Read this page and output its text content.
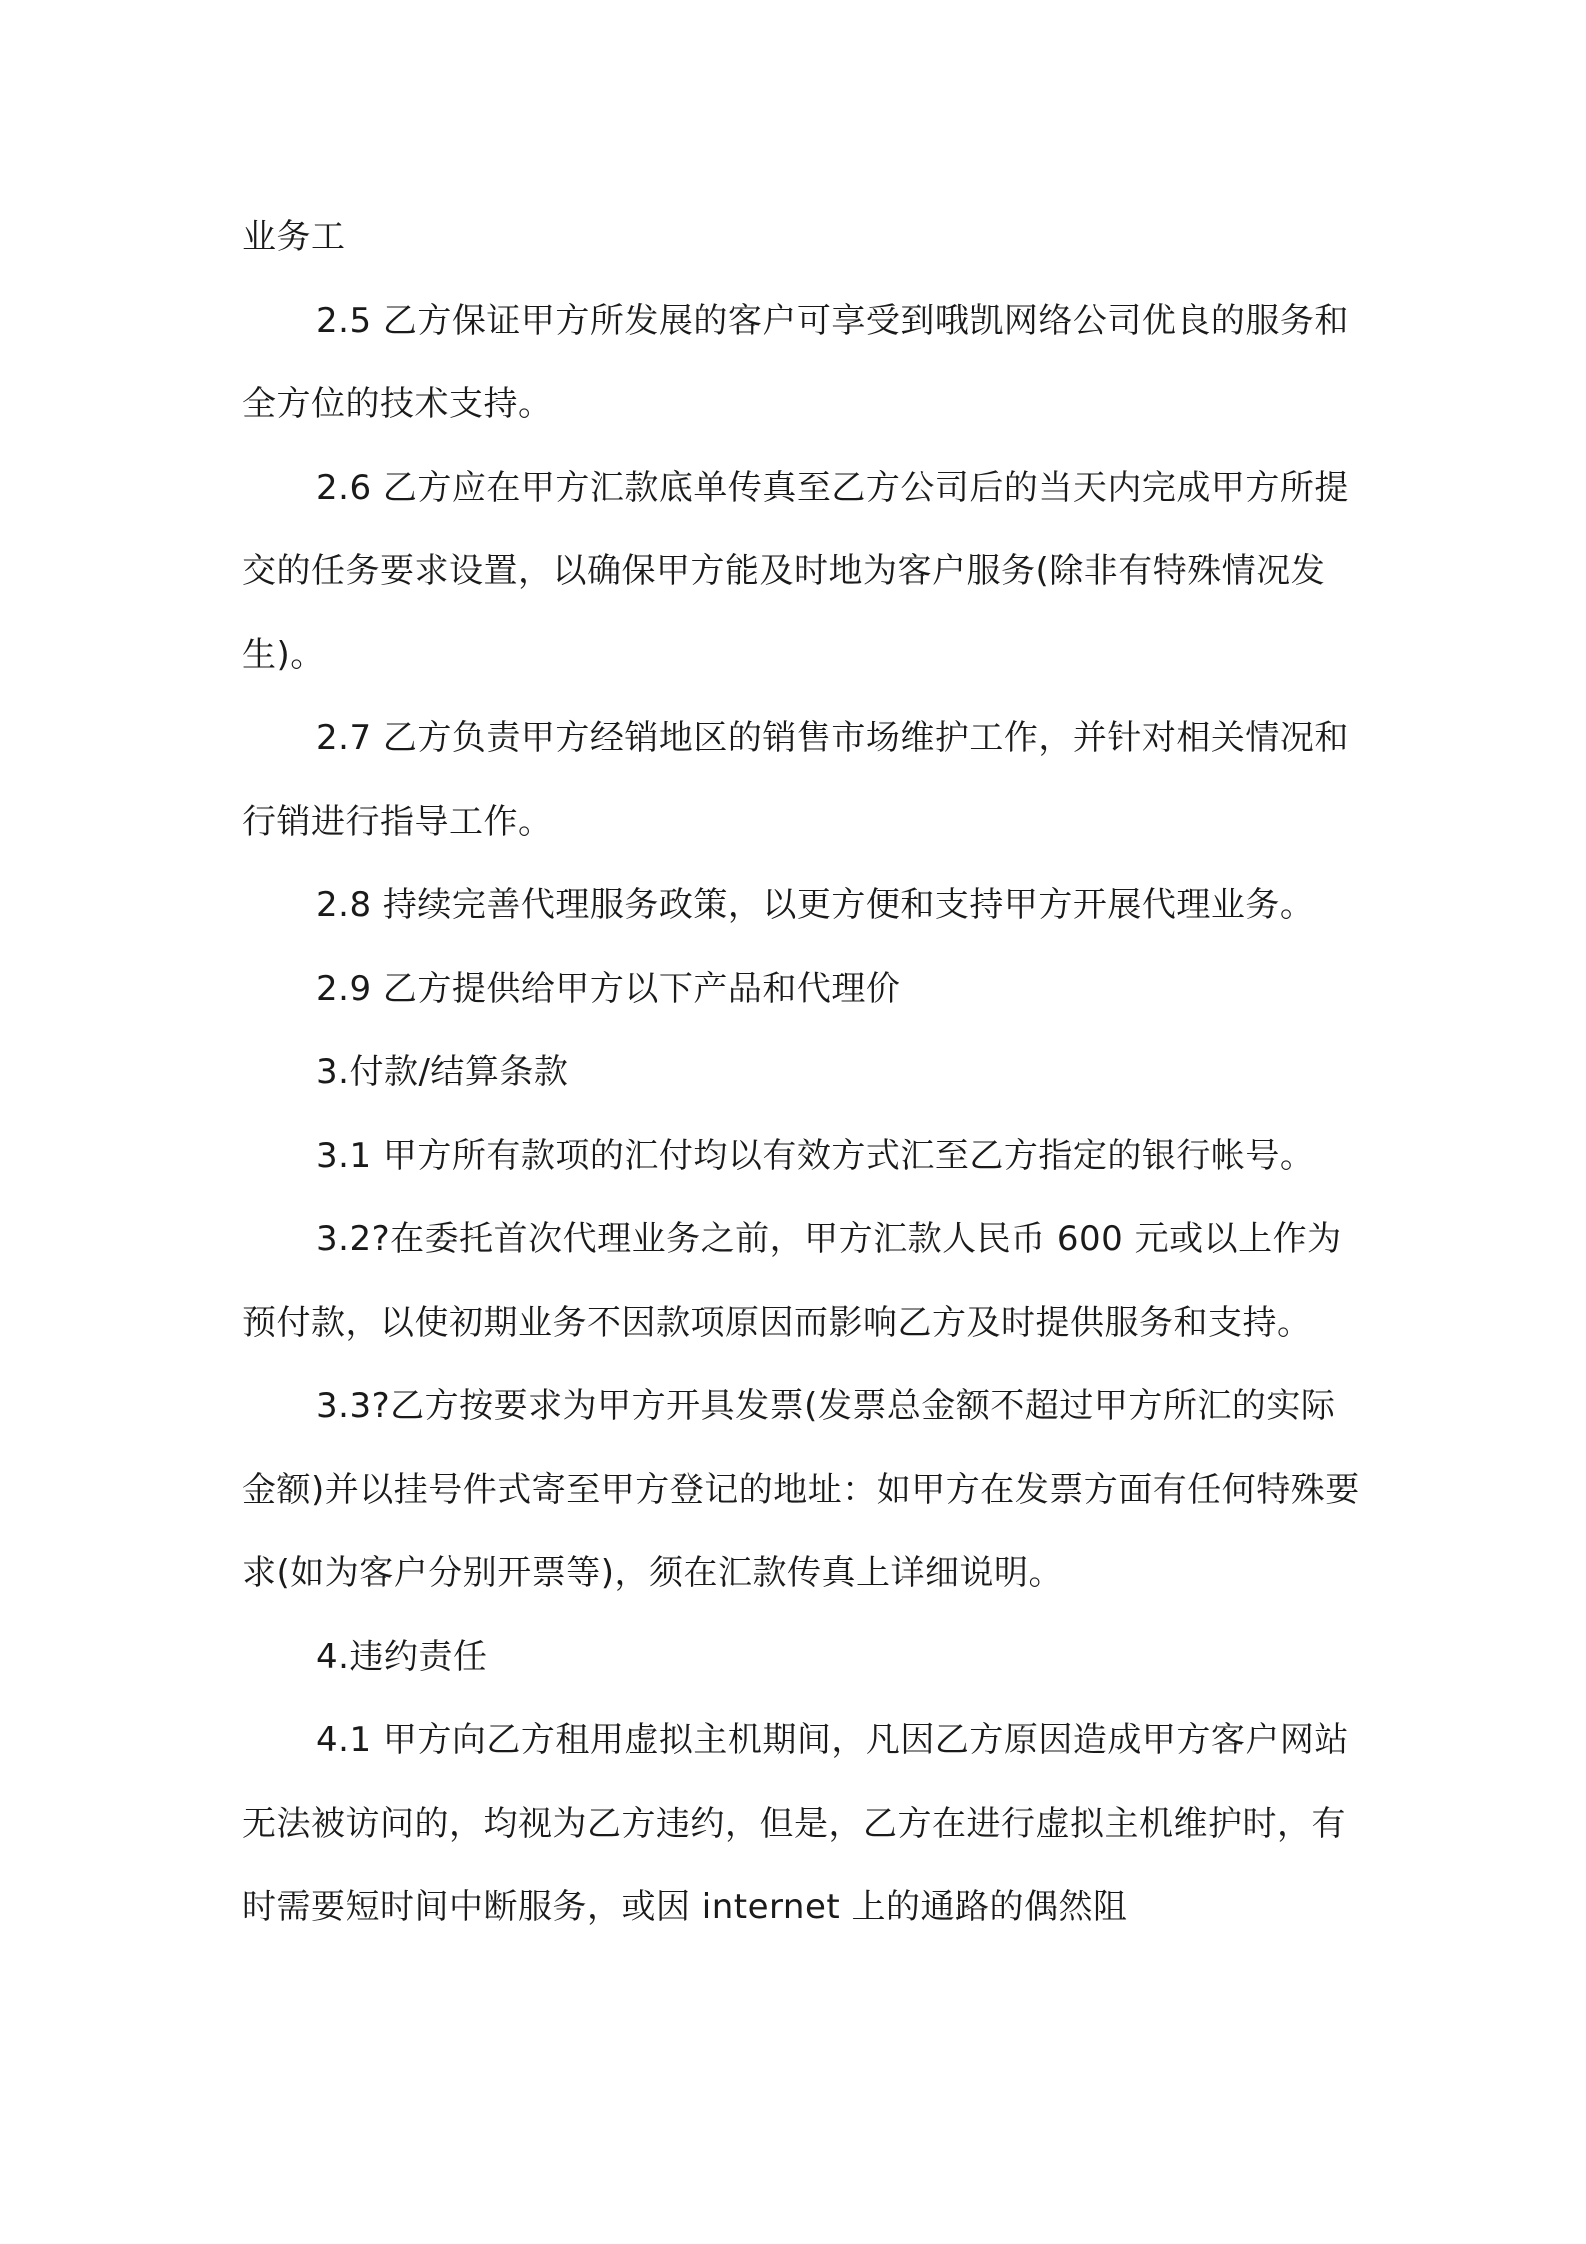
业务工

2.5 乙方保证甲方所发展的客户可享受到哦凯网络公司优良的服务和全方位的技术支持。

2.6 乙方应在甲方汇款底单传真至乙方公司后的当天内完成甲方所提交的任务要求设置，以确保甲方能及时地为客户服务(除非有特殊情况发生)。

2.7 乙方负责甲方经销地区的销售市场维护工作，并针对相关情况和行销进行指导工作。

2.8 持续完善代理服务政策，以更方便和支持甲方开展代理业务。

2.9 乙方提供给甲方以下产品和代理价

3.付款/结算条款

3.1 甲方所有款项的汇付均以有效方式汇至乙方指定的银行帐号。

3.2?在委托首次代理业务之前，甲方汇款人民币 600 元或以上作为预付款，以使初期业务不因款项原因而影响乙方及时提供服务和支持。

3.3?乙方按要求为甲方开具发票(发票总金额不超过甲方所汇的实际金额)并以挂号件式寄至甲方登记的地址：如甲方在发票方面有任何特殊要求(如为客户分别开票等)，须在汇款传真上详细说明。

4.违约责任

4.1 甲方向乙方租用虚拟主机期间，凡因乙方原因造成甲方客户网站无法被访问的，均视为乙方违约，但是，乙方在进行虚拟主机维护时，有时需要短时间中断服务，或因 internet 上的通路的偶然阻
